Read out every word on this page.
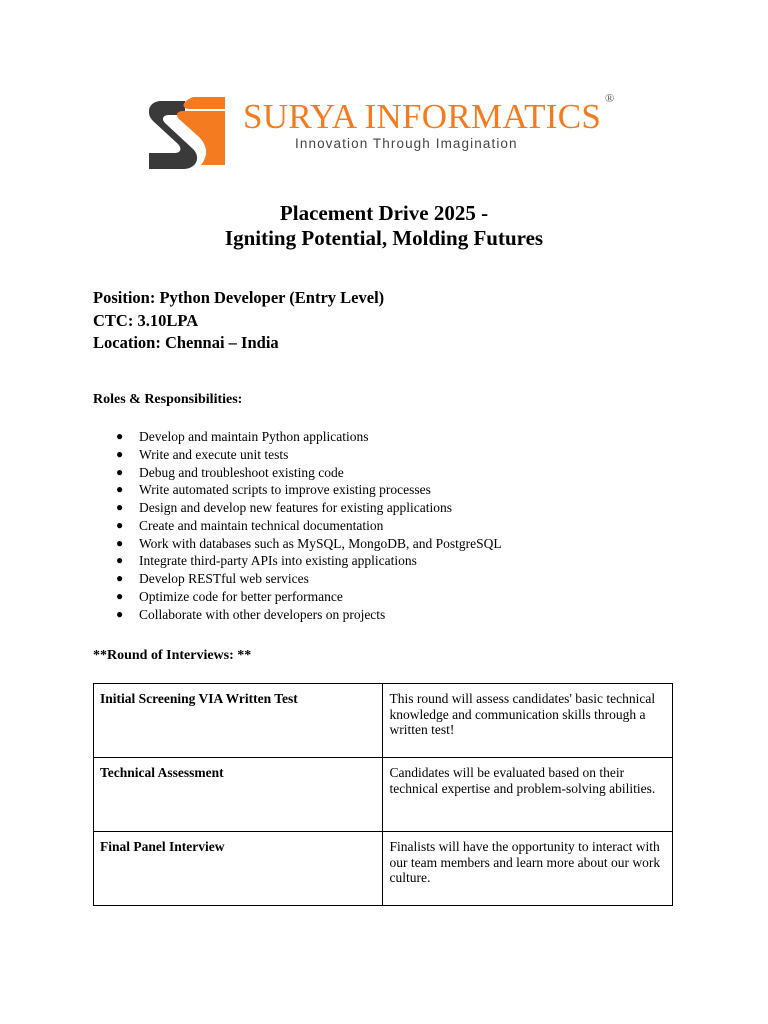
SURYA INFORMATICS ®
Innovation Through Imagination
Placement Drive 2025 -
Igniting Potential, Molding Futures
Position: Python Developer (Entry Level)
CTC: 3.10LPA
Location: Chennai – India
Roles & Responsibilities:
● Develop and maintain Python applications
● Write and execute unit tests
● Debug and troubleshoot existing code
● Write automated scripts to improve existing processes
● Design and develop new features for existing applications
● Create and maintain technical documentation
● Work with databases such as MySQL, MongoDB, and PostgreSQL
● Integrate third-party APIs into existing applications
● Develop RESTful web services
● Optimize code for better performance
● Collaborate with other developers on projects
**Round of Interviews: **
Initial Screening VIA Written Test	This round will assess candidates' basic technical knowledge and communication skills through a written test!
Technical Assessment	Candidates will be evaluated based on their technical expertise and problem-solving abilities.
Final Panel Interview	Finalists will have the opportunity to interact with our team members and learn more about our work culture.
